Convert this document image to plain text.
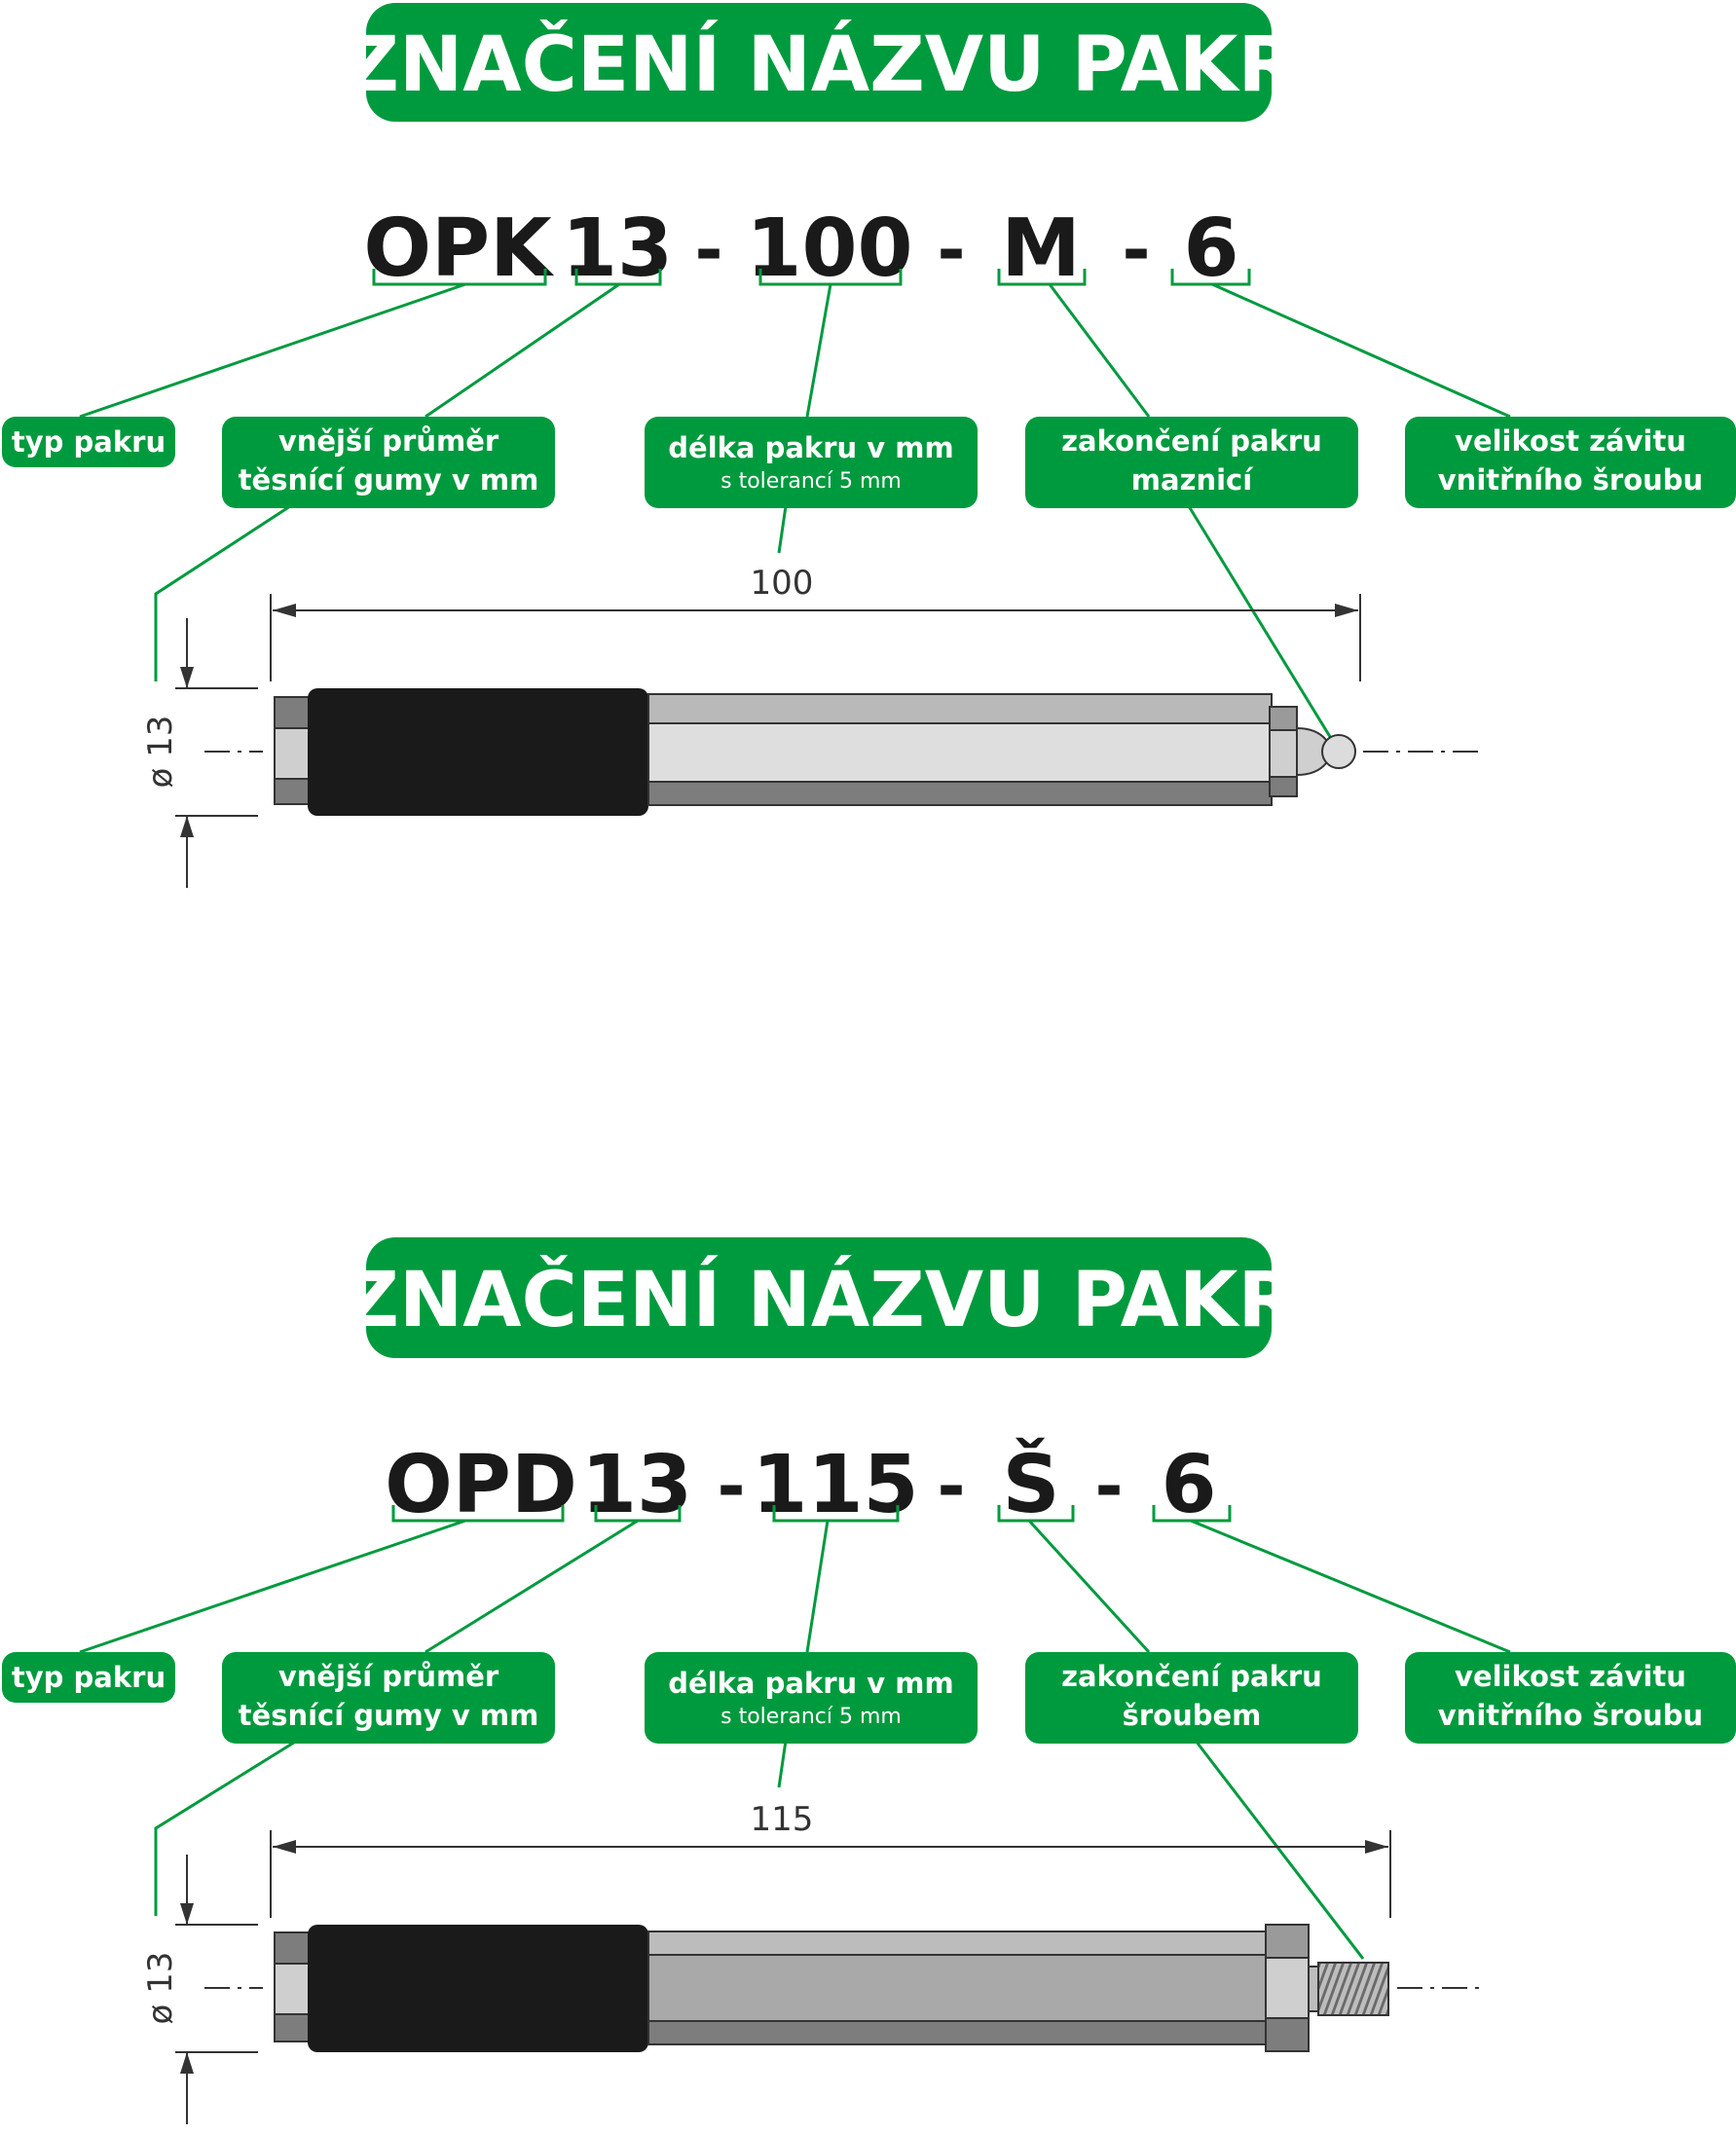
OZNAČENÍ NÁZVU PAKRU
OPK 13 - 100 - M - 6
typ pakru	vnější průměr
těsnící gumy v mm
délka pakru v mm
s tolerancí 5 mm
zakončení pakru
maznicí
velikost závitu
vnitřního šroubu
100
ø 13
OZNAČENÍ NÁZVU PAKRU
OPD 13 - 115 - Š - 6
typ pakru	vnější průměr
těsnící gumy v mm
délka pakru v mm
s tolerancí 5 mm
zakončení pakru
šroubem
velikost závitu
vnitřního šroubu
115
ø 13
